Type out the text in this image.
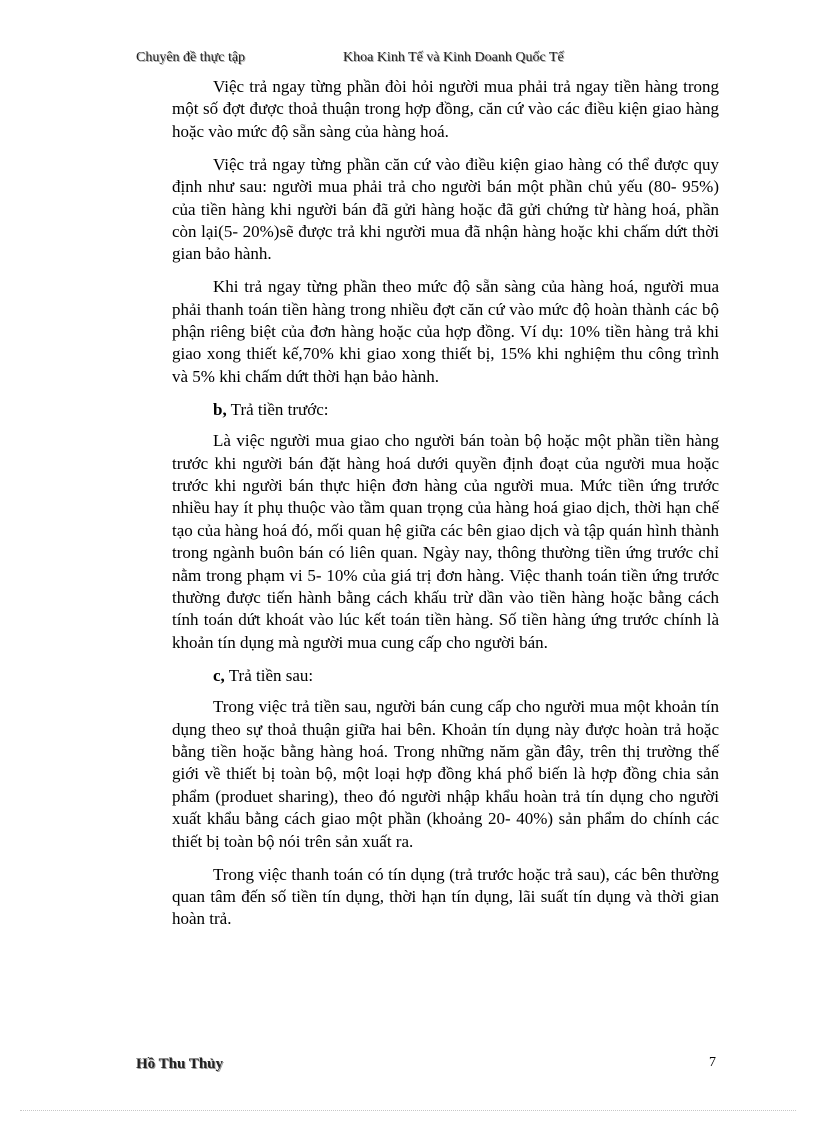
Chuyên đề thực tập	Khoa Kinh Tế và Kinh Doanh Quốc Tế

Việc trả ngay từng phần đòi hỏi người mua phải trả ngay tiền hàng trong một số đợt được thoả thuận trong hợp đồng, căn cứ vào các điều kiện giao hàng hoặc vào mức độ sẵn sàng của hàng hoá.

Việc trả ngay từng phần căn cứ vào điều kiện giao hàng có thể được quy định như sau: người mua phải trả cho người bán một phần chủ yếu (80- 95%) của tiền hàng khi người bán đã gửi hàng hoặc đã gửi chứng từ hàng hoá, phần còn lại(5- 20%)sẽ được trả khi người mua đã nhận hàng hoặc khi chấm dứt thời gian bảo hành.

Khi trả ngay từng phần theo mức độ sẵn sàng của hàng hoá, người mua phải thanh toán tiền hàng trong nhiều đợt căn cứ vào mức độ hoàn thành các bộ phận riêng biệt của đơn hàng hoặc của hợp đồng. Ví dụ: 10% tiền hàng trả khi giao xong thiết kế,70% khi giao xong thiết bị, 15% khi nghiệm thu công trình và 5% khi chấm dứt thời hạn bảo hành.

b, Trả tiền trước:

Là việc người mua giao cho người bán toàn bộ hoặc một phần tiền hàng trước khi người bán đặt hàng hoá dưới quyền định đoạt của người mua hoặc trước khi người bán thực hiện đơn hàng của người mua. Mức tiền ứng trước nhiều hay ít phụ thuộc vào tầm quan trọng của hàng hoá giao dịch, thời hạn chế tạo của hàng hoá đó, mối quan hệ giữa các bên giao dịch và tập quán hình thành trong ngành buôn bán có liên quan. Ngày nay, thông thường tiền ứng trước chỉ nằm trong phạm vi 5- 10% của giá trị đơn hàng. Việc thanh toán tiền ứng trước thường được tiến hành bằng cách khấu trừ dần vào tiền hàng hoặc bằng cách tính toán dứt khoát vào lúc kết toán tiền hàng. Số tiền hàng ứng trước chính là khoản tín dụng mà người mua cung cấp cho người bán.

c, Trả tiền sau:

Trong việc trả tiền sau, người bán cung cấp cho người mua một khoản tín dụng theo sự thoả thuận giữa hai bên. Khoản tín dụng này được hoàn trả hoặc bằng tiền hoặc bằng hàng hoá. Trong những năm gần đây, trên thị trường thế giới về thiết bị toàn bộ, một loại hợp đồng khá phổ biến là hợp đồng chia sản phẩm (produet sharing), theo đó người nhập khẩu hoàn trả tín dụng cho người xuất khẩu bằng cách giao một phần (khoảng 20- 40%) sản phẩm do chính các thiết bị toàn bộ nói trên sản xuất ra.

Trong việc thanh toán có tín dụng (trả trước hoặc trả sau), các bên thường quan tâm đến số tiền tín dụng, thời hạn tín dụng, lãi suất tín dụng và thời gian hoàn trả.

Hồ Thu Thủy	7
